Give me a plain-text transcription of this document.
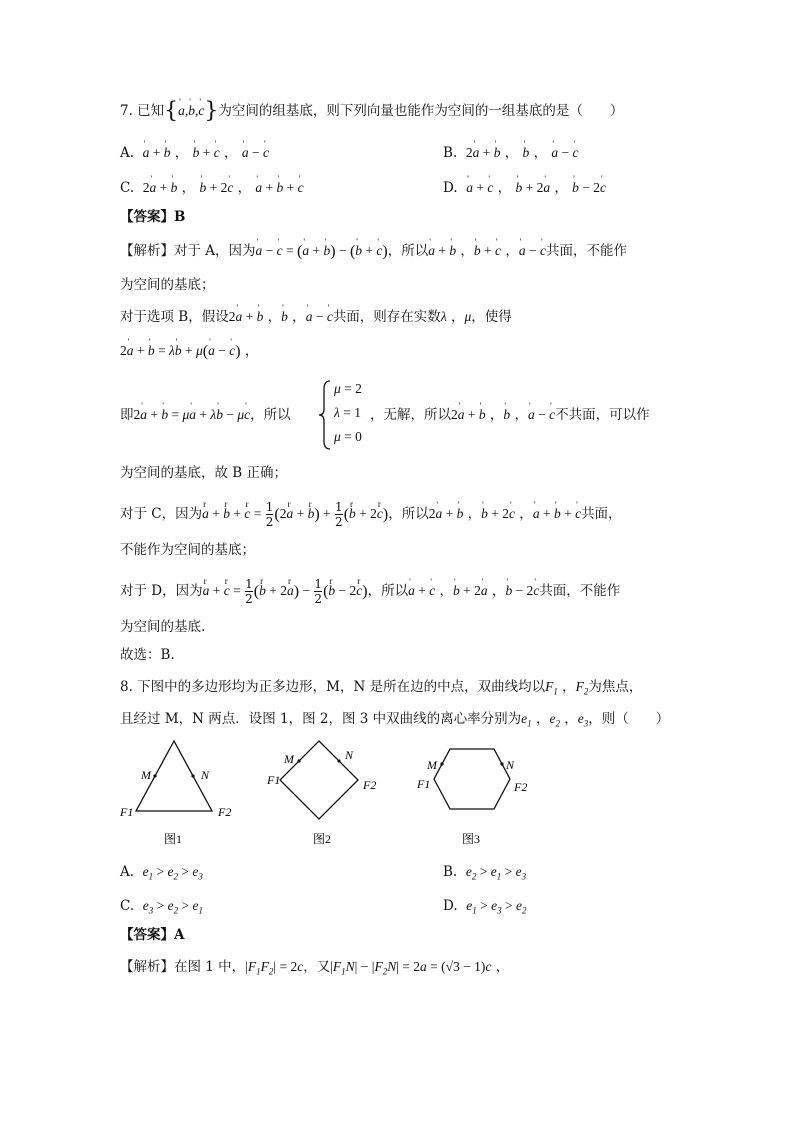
7. 已知{' a,' b,' c}为空间的组基底，则下列向量也能作为空间的一组基底的是（　　）
A. ' a + ' b ， ' b + ' c ， ' a − ' c	B. 2' a + ' b ， ' b ， ' a − ' c
C. 2' a + ' b ， ' b + 2' c ， ' a + ' b + ' c	D. ' a + ' c ， ' b + 2' a ， ' b − 2' c
【答案】B
【解析】对于 A，因为' a − ' c = (' a + ' b) − (' b + ' c)，所以' a + ' b ，' b + ' c ，' a − ' c共面，不能作
为空间的基底；
对于选项 B，假设2' a + ' b ，' b ，' a − ' c共面，则存在实数λ ，μ，使得
2' a + ' b = λ' b + μ(' a − ' c) ，
即2' a + ' b = μ' a + λ' b − μ' c，所以
μ = 2
λ = 1
μ = 0
，无解，所以2' a + ' b ，' b ，' a − ' c不共面，可以作
为空间的基底，故 B 正确；
对于 C，因为r a + r b + r $c = \frac{1}{2} (2r$ a + r $b) + \frac{1}{2} (r$ b + 2r c)，所以2' a + ' b ，' b + 2' c ，' a + ' b + ' c共面，
不能作为空间的基底；
对于 D，因为r a + r $c = \frac{1}{2} (r$ b + 2r $a) - \frac{1}{2} (r$ b − 2r c)，所以' a + ' c ，' b + 2' a ，' b − 2' c共面，不能作
为空间的基底.
故选：B.
8. 下图中的多边形均为正多边形，M，N 是所在边的中点，双曲线均以$F_1$ ，$F_2$为焦点，
且经过 M，N 两点．设图 1，图 2，图 3 中双曲线的离心率分别为$e_1$ ，$e_2$ ，$e_3$，则（　　）
M	N
F1	F2
图1
M	N
F1	F2
图2
M	N
F1	F2
图3
A. $e_1 > e_2 > e_3$	B. $e_2 > e_1 > e_3$
C. $e_3 > e_2 > e_1$	D. $e_1 > e_3 > e_2$
【答案】A
【解析】在图 1 中，$|F_1F_2| = 2c$，又$|F_1N| - |F_2N| = 2a = (√3 - 1)c$ ，
